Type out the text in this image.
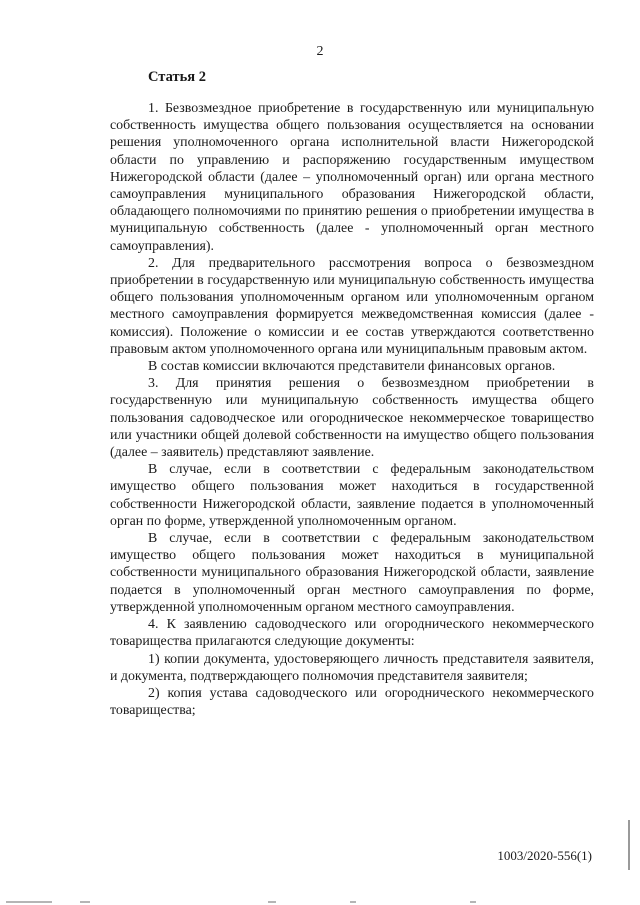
2
Статья 2

1. Безвозмездное приобретение в государственную или муниципальную собственность имущества общего пользования осуществляется на основании решения уполномоченного органа исполнительной власти Нижегородской области по управлению и распоряжению государственным имуществом Нижегородской области (далее – уполномоченный орган) или органа местного самоуправления муниципального образования Нижегородской области, обладающего полномочиями по принятию решения о приобретении имущества в муниципальную собственность (далее - уполномоченный орган местного самоуправления).

2. Для предварительного рассмотрения вопроса о безвозмездном приобретении в государственную или муниципальную собственность имущества общего пользования уполномоченным органом или уполномоченным органом местного самоуправления формируется межведомственная комиссия (далее - комиссия). Положение о комиссии и ее состав утверждаются соответственно правовым актом уполномоченного органа или муниципальным правовым актом.

В состав комиссии включаются представители финансовых органов.

3. Для принятия решения о безвозмездном приобретении в государственную или муниципальную собственность имущества общего пользования садоводческое или огородническое некоммерческое товарищество или участники общей долевой собственности на имущество общего пользования (далее – заявитель) представляют заявление.

В случае, если в соответствии с федеральным законодательством имущество общего пользования может находиться в государственной собственности Нижегородской области, заявление подается в уполномоченный орган по форме, утвержденной уполномоченным органом.

В случае, если в соответствии с федеральным законодательством имущество общего пользования может находиться в муниципальной собственности муниципального образования Нижегородской области, заявление подается в уполномоченный орган местного самоуправления по форме, утвержденной уполномоченным органом местного самоуправления.

4. К заявлению садоводческого или огороднического некоммерческого товарищества прилагаются следующие документы:

1) копии документа, удостоверяющего личность представителя заявителя, и документа, подтверждающего полномочия представителя заявителя;

2) копия устава садоводческого или огороднического некоммерческого товарищества;

1003/2020-556(1)
